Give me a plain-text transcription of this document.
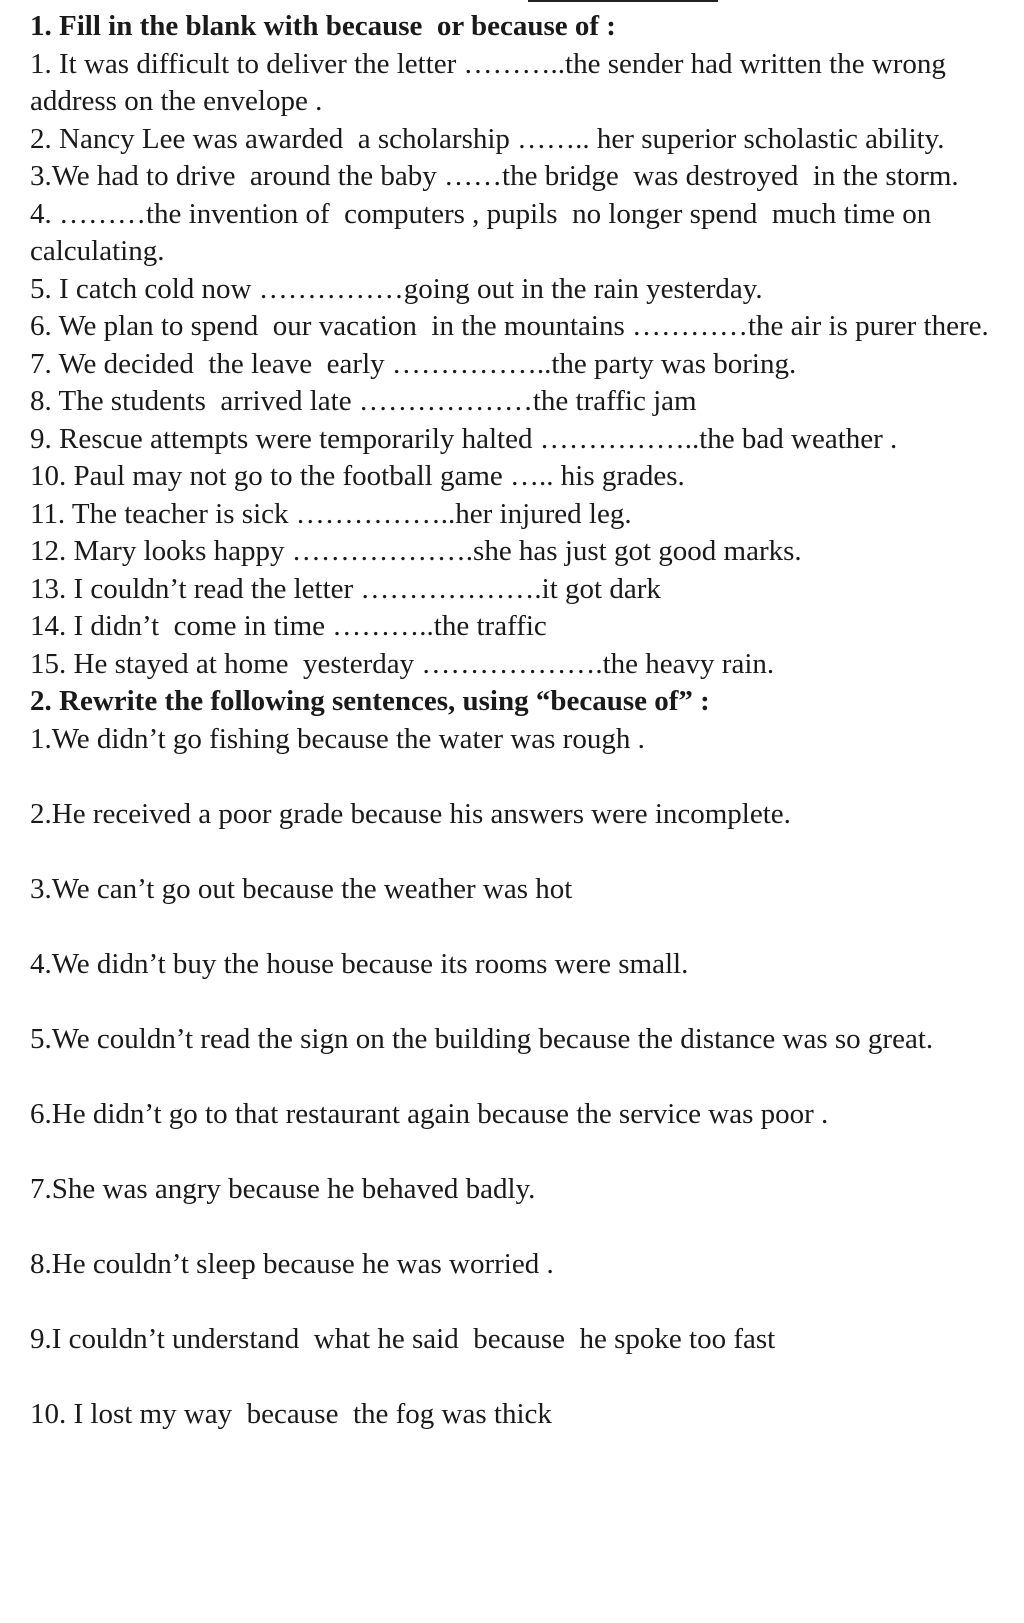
1. Fill in the blank with because  or because of :
1. It was difficult to deliver the letter ………..the sender had written the wrong  address on the envelope .
2. Nancy Lee was awarded  a scholarship …….. her superior scholastic ability.
3.We had to drive  around the baby ……the bridge  was destroyed  in the storm.
4. ………the invention of  computers , pupils  no longer spend  much time on calculating.
5. I catch cold now ……………going out in the rain yesterday.
6. We plan to spend  our vacation  in the mountains …………the air is purer there.
7. We decided  the leave  early ……………..the party was boring.
8. The students  arrived late ………………the traffic jam
9. Rescue attempts were temporarily halted ……………..the bad weather .
10. Paul may not go to the football game ….. his grades.
11. The teacher is sick ……………..her injured leg.
12. Mary looks happy ……………….she has just got good marks.
13. I couldn’t read the letter ……………….it got dark
14. I didn’t  come in time ………..the traffic
15. He stayed at home  yesterday ……………….the heavy rain.
2. Rewrite the following sentences, using “because of” :
1.We didn’t go fishing because the water was rough .
2.He received a poor grade because his answers were incomplete.
3.We can’t go out because the weather was hot
4.We didn’t buy the house because its rooms were small.
5.We couldn’t read the sign on the building because the distance was so great.
6.He didn’t go to that restaurant again because the service was poor .
7.She was angry because he behaved badly.
8.He couldn’t sleep because he was worried .
9.I couldn’t understand  what he said  because  he spoke too fast
10. I lost my way  because  the fog was thick
